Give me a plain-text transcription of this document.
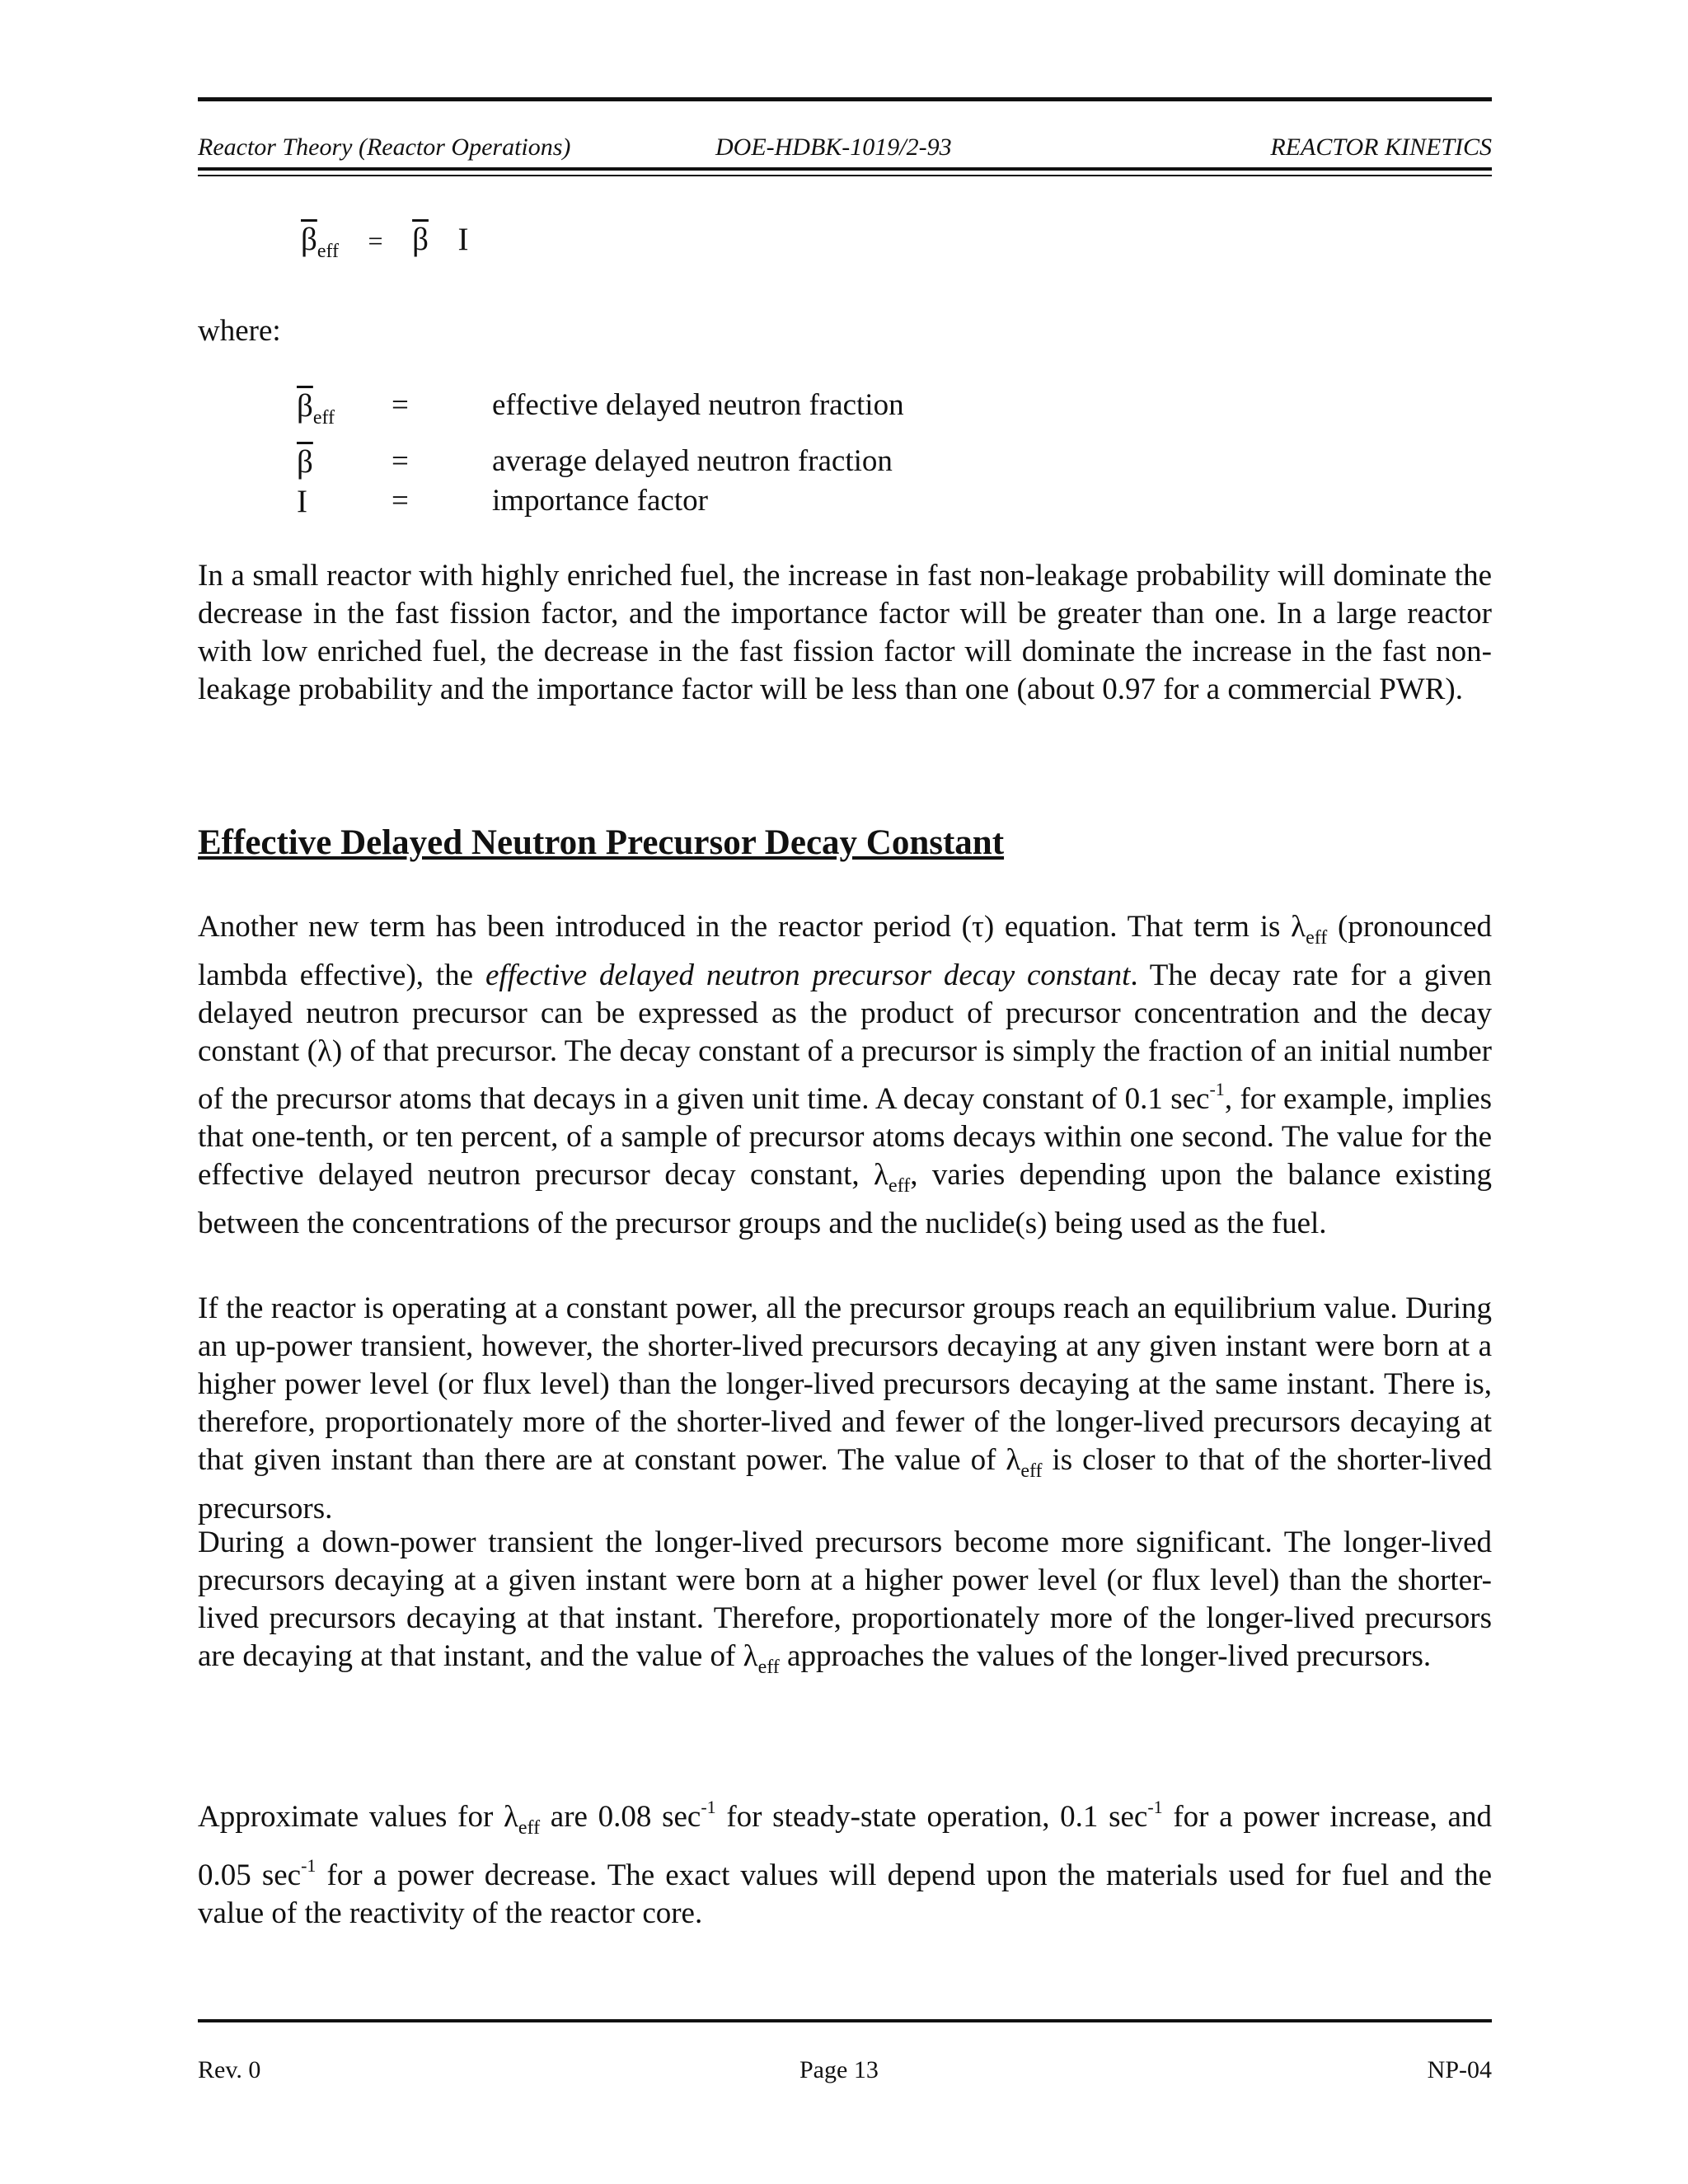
Reactor Theory (Reactor Operations)	DOE-HDBK-1019/2-93	REACTOR KINETICS
$\overline{\beta}_{eff} = \overline{\beta}$ I
where:
$\overline{\beta}_{eff}$ =	effective delayed neutron fraction
$\overline{\beta}$	=	average delayed neutron fraction
I	=	importance factor

In a small reactor with highly enriched fuel, the increase in fast non-leakage probability will dominate the decrease in the fast fission factor, and the importance factor will be greater than one. In a large reactor with low enriched fuel, the decrease in the fast fission factor will dominate the increase in the fast non-leakage probability and the importance factor will be less than one (about 0.97 for a commercial PWR).

Effective Delayed Neutron Precursor Decay Constant

Another new term has been introduced in the reactor period (τ) equation. That term is $\lambda_{eff}$ (pronounced lambda effective), the effective delayed neutron precursor decay constant. The decay rate for a given delayed neutron precursor can be expressed as the product of precursor concentration and the decay constant (λ) of that precursor. The decay constant of a precursor is simply the fraction of an initial number of the precursor atoms that decays in a given unit time. A decay constant of 0.1 $\sec^{-1}$, for example, implies that one-tenth, or ten percent, of a sample of precursor atoms decays within one second. The value for the effective delayed neutron precursor decay constant, $\lambda_{eff}$, varies depending upon the balance existing between the concentrations of the precursor groups and the nuclide(s) being used as the fuel.

If the reactor is operating at a constant power, all the precursor groups reach an equilibrium value. During an up-power transient, however, the shorter-lived precursors decaying at any given instant were born at a higher power level (or flux level) than the longer-lived precursors decaying at the same instant. There is, therefore, proportionately more of the shorter-lived and fewer of the longer-lived precursors decaying at that given instant than there are at constant power. The value of $\lambda_{eff}$ is closer to that of the shorter-lived precursors.

During a down-power transient the longer-lived precursors become more significant. The longer-lived precursors decaying at a given instant were born at a higher power level (or flux level) than the shorter-lived precursors decaying at that instant. Therefore, proportionately more of the longer-lived precursors are decaying at that instant, and the value of $\lambda_{eff}$ approaches the values of the longer-lived precursors.

Approximate values for $\lambda_{eff}$ are 0.08 $\sec^{-1}$ for steady-state operation, 0.1 $\sec^{-1}$ for a power increase, and 0.05 $\sec^{-1}$ for a power decrease. The exact values will depend upon the materials used for fuel and the value of the reactivity of the reactor core.

Rev. 0	Page 13	NP-04
